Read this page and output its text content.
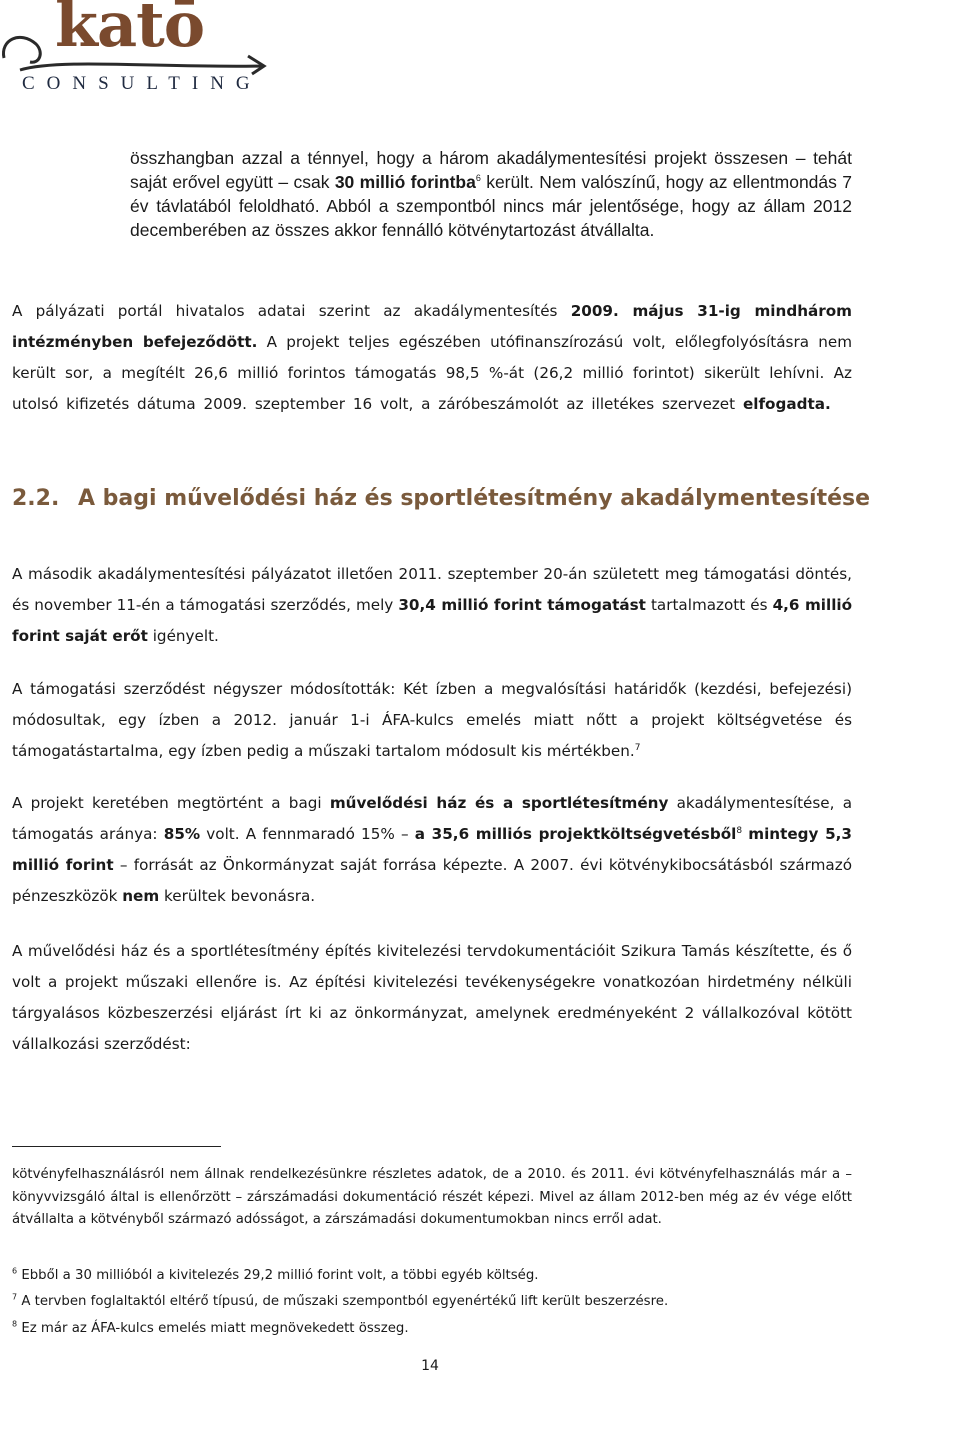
katō
CONSULTING

összhangban azzal a ténnyel, hogy a három akadálymentesítési projekt összesen – tehát saját erővel együtt – csak 30 millió forintba$^6$ került. Nem valószínű, hogy az ellentmondás 7 év távlatából feloldható. Abból a szempontból nincs már jelentősége, hogy az állam 2012 decemberében az összes akkor fennálló kötvénytartozást átvállalta.

A pályázati portál hivatalos adatai szerint az akadálymentesítés 2009. május 31-ig mindhárom intézményben befejeződött. A projekt teljes egészében utófinanszírozású volt, előlegfolyósításra nem került sor, a megítélt 26,6 millió forintos támogatás 98,5 %-át (26,2 millió forintot) sikerült lehívni. Az utolsó kifizetés dátuma 2009. szeptember 16 volt, a záróbeszámolót az illetékes szervezet elfogadta.

2.2. A bagi művelődési ház és sportlétesítmény akadálymentesítése

A második akadálymentesítési pályázatot illetően 2011. szeptember 20-án született meg támogatási döntés, és november 11-én a támogatási szerződés, mely 30,4 millió forint támogatást tartalmazott és 4,6 millió forint saját erőt igényelt.

A támogatási szerződést négyszer módosították: Két ízben a megvalósítási határidők (kezdési, befejezési) módosultak, egy ízben a 2012. január 1-i ÁFA-kulcs emelés miatt nőtt a projekt költségvetése és támogatástartalma, egy ízben pedig a műszaki tartalom módosult kis mértékben.$^7$

A projekt keretében megtörtént a bagi művelődési ház és a sportlétesítmény akadálymentesítése, a támogatás aránya: 85% volt. A fennmaradó 15% – a 35,6 milliós projektköltségvetésből$^8$ mintegy 5,3 millió forint – forrását az Önkormányzat saját forrása képezte. A 2007. évi kötvénykibocsátásból származó pénzeszközök nem kerültek bevonásra.

A művelődési ház és a sportlétesítmény építés kivitelezési tervdokumentációit Szikura Tamás készítette, és ő volt a projekt műszaki ellenőre is. Az építési kivitelezési tevékenységekre vonatkozóan hirdetmény nélküli tárgyalásos közbeszerzési eljárást írt ki az önkormányzat, amelynek eredményeként 2 vállalkozóval kötött vállalkozási szerződést:

kötvényfelhasználásról nem állnak rendelkezésünkre részletes adatok, de a 2010. és 2011. évi kötvényfelhasználás már a – könyvvizsgáló által is ellenőrzött – zárszámadási dokumentáció részét képezi. Mivel az állam 2012-ben még az év vége előtt átvállalta a kötvényből származó adósságot, a zárszámadási dokumentumokban nincs erről adat.

$^6$ Ebből a 30 millióból a kivitelezés 29,2 millió forint volt, a többi egyéb költség.

$^7$ A tervben foglaltaktól eltérő típusú, de műszaki szempontból egyenértékű lift került beszerzésre.

$^8$ Ez már az ÁFA-kulcs emelés miatt megnövekedett összeg.

14
